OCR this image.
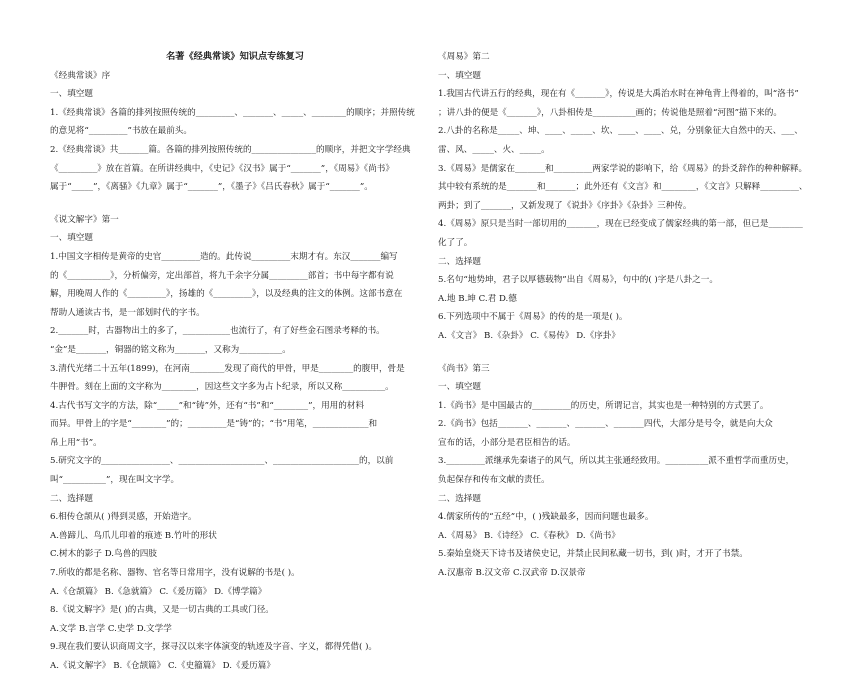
名著《经典常谈》知识点专练复习
《经典常谈》序
一、填空题
1.《经典常谈》各篇的排列按照传统的_________、_______、_____、________的顺序；并照传统
的意见将“_________”书放在最前头。
2.《经典常谈》共_______篇。各篇的排列按照传统的_______________的顺序，并把文字学经典
《_________》放在首篇。在所讲经典中，《史记》《汉书》属于“_______”，《周易》《尚书》
属于“_____”，《离骚》《九章》属于“_______”，《墨子》《吕氏春秋》属于“_______”。
《说文解字》第一
一、填空题
1.中国文字相传是黄帝的史官_________造的。此传说_________末期才有。东汉_______编写
的《__________》，分析偏旁，定出部首，将九千余字分属_________部首；书中每字都有说
解，用晚周人作的《_________》，扬雄的《_________》，以及经典的注文的体例。这部书意在
帮助人通读古书，是一部划时代的字书。
2._______时，古器物出土的多了，___________也流行了，有了好些金石图录考释的书。
“金”是_______，铜器的铭文称为_______，又称为__________。
3.清代光绪二十五年(1899)，在河南________发现了商代的甲骨，甲是________的腹甲，骨是
牛胛骨。刻在上面的文字称为________，因这些文字多为占卜纪录，所以又称__________。
4.古代书写文字的方法，除“_____”和“铸”外，还有“书”和“________”，用用的材料
而异。甲骨上的字是“________”的；_________是“铸”的；“书”用笔，_____________和
帛上用“书”。
5.研究文字的________________、____________________、____________________的，以前
叫“__________”，现在叫文字学。
二、选择题
6.相传仓颉从( )得到灵感，开始造字。
A.兽蹄儿、鸟爪儿印着的痕迹 B.竹叶的形状
C.树木的影子 D.鸟兽的四肢
7.所收的都是名称、器物、官名等日常用字，没有说解的书是( )。
A.《仓颉篇》 B.《急就篇》 C.《爰历篇》 D.《博学篇》
8.《说文解字》是( )的古典，又是一切古典的工具或门径。
A.文学 B.言学 C.史学 D.文学学
9.现在我们要认识商周文字，探寻汉以来字体演变的轨迹及字音、字义，都得凭借( )。
A.《说文解字》 B.《仓颉篇》 C.《史籀篇》 D.《爰历篇》
《周易》第二
一、填空题
1.我国古代讲五行的经典，现在有《_______》，传说是大禹治水时在神龟背上得着的，叫“洛书”
；讲八卦的便是《_______》，八卦相传是__________画的；传说他是照着“河图”描下来的。
2.八卦的名称是_____、坤、____、_____、坎、____、____、兑，分别象征大自然中的天、___、
雷、风、_____、火、_____。
3.《周易》是儒家在_______和_________两家学说的影响下，给《周易》的卦爻辞作的种种解释。
其中较有系统的是_______和_______；此外还有《文言》和________，《文言》只解释_________、
两卦；到了_______，又新发现了《说卦》《序卦》《杂卦》三种传。
4.《周易》原只是当时一部切用的_______，现在已经变成了儒家经典的第一部，但已是________
化了了。
二、选择题
5.名句“地势坤，君子以厚德载物”出自《周易》，句中的( )字是八卦之一。
A.地 B.坤 C.君 D.德
6.下列选项中不属于《周易》的传的是一项是( )。
A.《文言》 B.《杂卦》 C.《易传》 D.《序卦》
《尚书》第三
一、填空题
1.《尚书》是中国最古的_________的历史，所谓记言，其实也是一种特别的方式罢了。
2.《尚书》包括_______、_______、_______、_______四代，大部分是号令，就是向大众
宣布的话，小部分是君臣相告的话。
3._________派继承先秦诸子的风气，所以其主张通经致用。__________派不重哲学而重历史，
负起保存和传布文献的责任。
二、选择题
4.儒家所传的“五经”中，( )残缺最多，因而问题也最多。
A.《周易》 B.《诗经》 C.《春秋》 D.《尚书》
5.秦始皇烧天下诗书及诸侯史记，并禁止民间私藏一切书，到( )时，才开了书禁。
A.汉惠帝 B.汉文帝 C.汉武帝 D.汉景帝
